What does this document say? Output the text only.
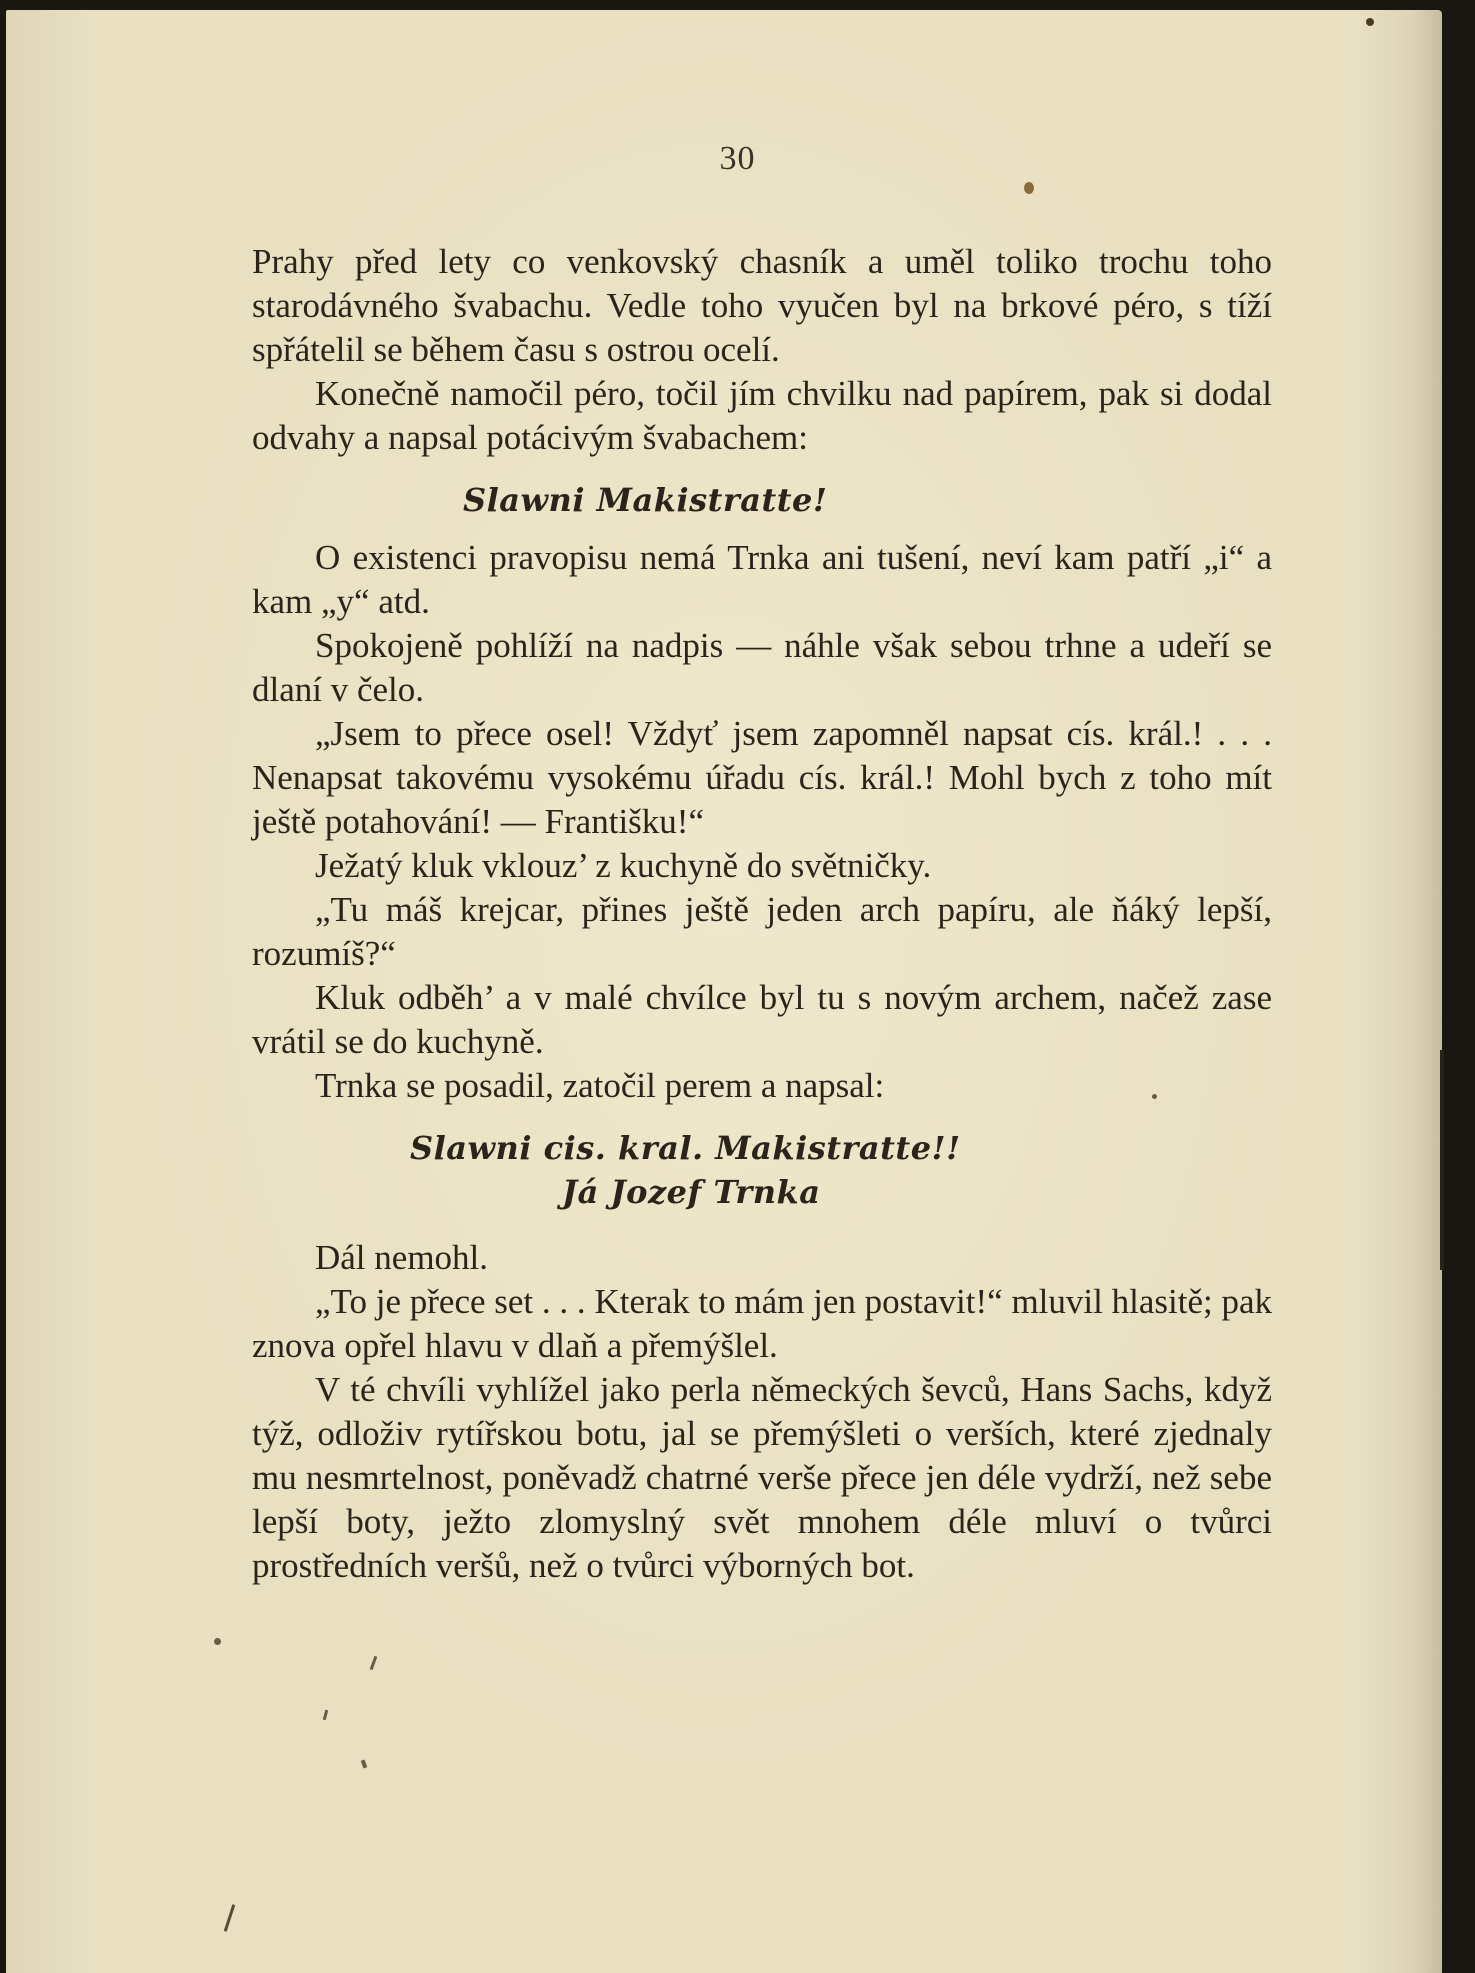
30

Prahy před lety co venkovský chasník a uměl toliko trochu toho starodávného švabachu. Vedle toho vyučen byl na brkové péro, s tíží spřátelil se během času s ostrou ocelí.

Konečně namočil péro, točil jím chvilku nad papírem, pak si dodal odvahy a napsal potácivým švabachem:

Slawni Makistratte!

O existenci pravopisu nemá Trnka ani tušení, neví kam patří „i“ a kam „y“ atd.

Spokojeně pohlíží na nadpis — náhle však sebou trhne a udeří se dlaní v čelo.

„Jsem to přece osel! Vždyť jsem zapomněl napsat cís. král.! . . . Nenapsat takovému vysokému úřadu cís. král.! Mohl bych z toho mít ještě potahování! — Františku!“

Ježatý kluk vklouz’ z kuchyně do světničky.

„Tu máš krejcar, přines ještě jeden arch papíru, ale ňáký lepší, rozumíš?“

Kluk odběh’ a v malé chvílce byl tu s novým archem, načež zase vrátil se do kuchyně.

Trnka se posadil, zatočil perem a napsal:

Slawni cis. kral. Makistratte!!
Já Jozef Trnka

Dál nemohl.

„To je přece set . . . Kterak to mám jen postavit!“ mluvil hlasitě; pak znova opřel hlavu v dlaň a přemýšlel.

V té chvíli vyhlížel jako perla německých ševců, Hans Sachs, když týž, odloživ rytířskou botu, jal se přemýšleti o verších, které zjednaly mu nesmrtelnost, poněvadž chatrné verše přece jen déle vydrží, než sebe lepší boty, ježto zlomyslný svět mnohem déle mluví o tvůrci prostředních veršů, než o tvůrci výborných bot.
